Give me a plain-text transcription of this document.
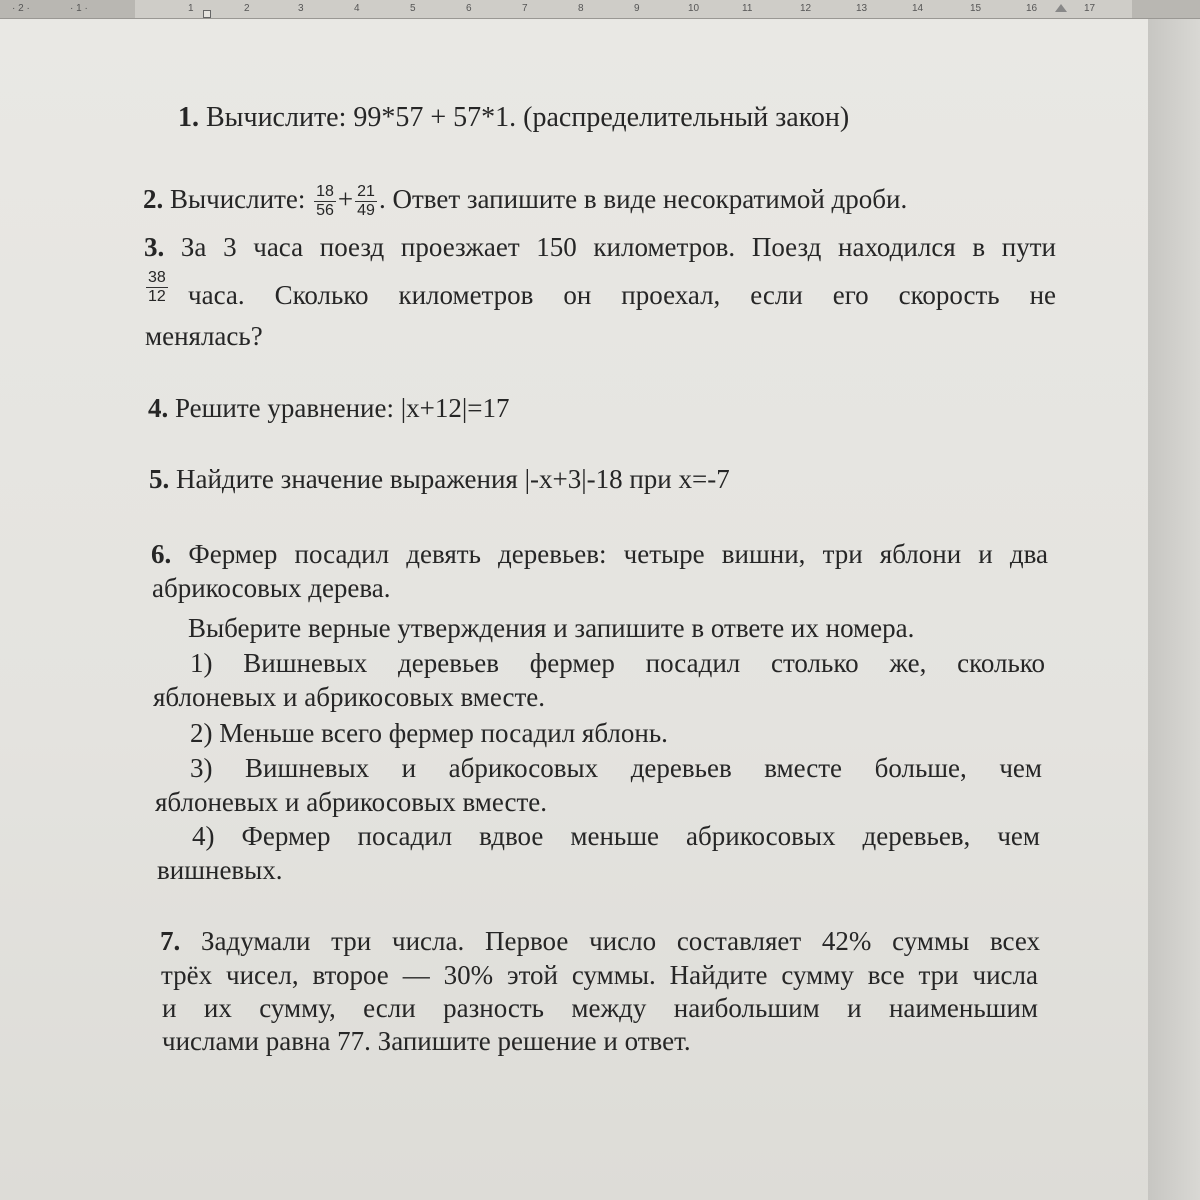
· 2 ·	· 1 ·	1	2	3	4	5	6	7	8	9	10	11	12	13	14	15	16	17
1. Вычислите: 99*57 + 57*1. (распределительный закон)
2. Вычислите: $\frac{18}{56} + \frac{21}{49}$ . Ответ запишите в виде несократимой дроби.
3. За 3 часа поезд проезжает 150 километров. Поезд находился в пути
$\frac{38}{12}$ часа. Сколько километров он проехал, если его скорость не
менялась?
4. Решите уравнение: |x+12|=17
5. Найдите значение выражения |-x+3|-18 при x=-7
6. Фермер посадил девять деревьев: четыре вишни, три яблони и два
абрикосовых дерева.
Выберите верные утверждения и запишите в ответе их номера.
1) Вишневых деревьев фермер посадил столько же, сколько
яблоневых и абрикосовых вместе.
2) Меньше всего фермер посадил яблонь.
3) Вишневых и абрикосовых деревьев вместе больше, чем
яблоневых и абрикосовых вместе.
4) Фермер посадил вдвое меньше абрикосовых деревьев, чем
вишневых.
7. Задумали три числа. Первое число составляет 42% суммы всех
трёх чисел, второе — 30% этой суммы. Найдите сумму все три числа
и их сумму, если разность между наибольшим и наименьшим
числами равна 77. Запишите решение и ответ.
